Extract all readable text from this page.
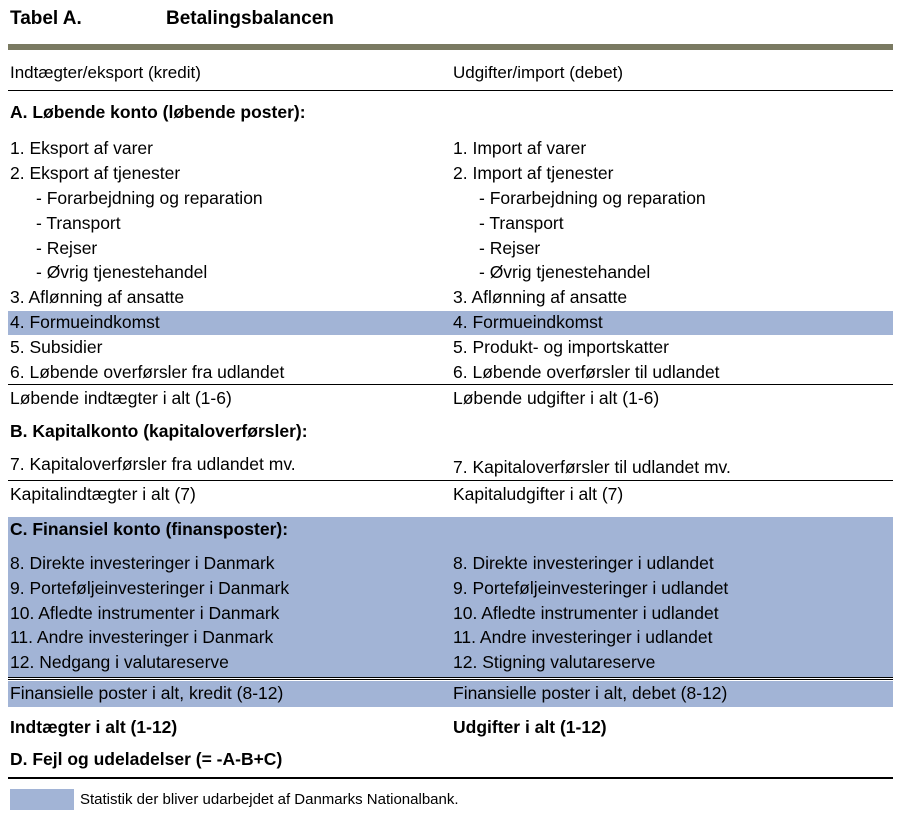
Tabel A.	Betalingsbalancen
Indtægter/eksport (kredit)	Udgifter/import (debet)
A. Løbende konto (løbende poster):
1. Eksport af varer	1. Import af varer
2. Eksport af tjenester	2. Import af tjenester
- Forarbejdning og reparation	- Forarbejdning og reparation
- Transport	- Transport
- Rejser	- Rejser
- Øvrig tjenestehandel	- Øvrig tjenestehandel
3. Aflønning af ansatte	3. Aflønning af ansatte
4. Formueindkomst	4. Formueindkomst
5. Subsidier	5. Produkt- og importskatter
6. Løbende overførsler fra udlandet	6. Løbende overførsler til udlandet
Løbende indtægter i alt (1-6)	Løbende udgifter i alt (1-6)
B. Kapitalkonto (kapitaloverførsler):
7. Kapitaloverførsler fra udlandet mv.	7. Kapitaloverførsler til udlandet mv.
Kapitalindtægter i alt (7)	Kapitaludgifter i alt (7)
C. Finansiel konto (finansposter):
8. Direkte investeringer i Danmark	8. Direkte investeringer i udlandet
9. Porteføljeinvesteringer i Danmark	9. Porteføljeinvesteringer i udlandet
10. Afledte instrumenter i Danmark	10. Afledte instrumenter i udlandet
11. Andre investeringer i Danmark	11. Andre investeringer i udlandet
12. Nedgang i valutareserve	12. Stigning valutareserve
Finansielle poster i alt, kredit (8-12)	Finansielle poster i alt, debet (8-12)
Indtægter i alt (1-12)	Udgifter i alt (1-12)
D. Fejl og udeladelser (= -A-B+C)
Statistik der bliver udarbejdet af Danmarks Nationalbank.
